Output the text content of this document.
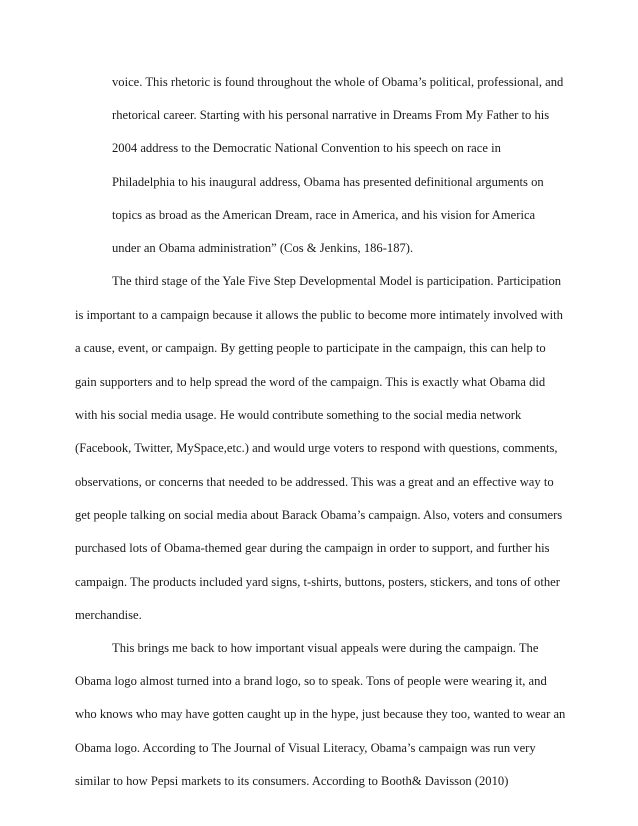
voice. This rhetoric is found throughout the whole of Obama’s political, professional, and
rhetorical career. Starting with his personal narrative in Dreams From My Father to his
2004 address to the Democratic National Convention to his speech on race in
Philadelphia to his inaugural address, Obama has presented definitional arguments on
topics as broad as the American Dream, race in America, and his vision for America
under an Obama administration” (Cos & Jenkins, 186-187).
The third stage of the Yale Five Step Developmental Model is participation. Participation
is important to a campaign because it allows the public to become more intimately involved with
a cause, event, or campaign. By getting people to participate in the campaign, this can help to
gain supporters and to help spread the word of the campaign. This is exactly what Obama did
with his social media usage. He would contribute something to the social media network
(Facebook, Twitter, MySpace,etc.) and would urge voters to respond with questions, comments,
observations, or concerns that needed to be addressed. This was a great and an effective way to
get people talking on social media about Barack Obama’s campaign. Also, voters and consumers
purchased lots of Obama-themed gear during the campaign in order to support, and further his
campaign. The products included yard signs, t-shirts, buttons, posters, stickers, and tons of other
merchandise.
This brings me back to how important visual appeals were during the campaign. The
Obama logo almost turned into a brand logo, so to speak. Tons of people were wearing it, and
who knows who may have gotten caught up in the hype, just because they too, wanted to wear an
Obama logo. According to The Journal of Visual Literacy, Obama’s campaign was run very
similar to how Pepsi markets to its consumers. According to Booth& Davisson (2010)
